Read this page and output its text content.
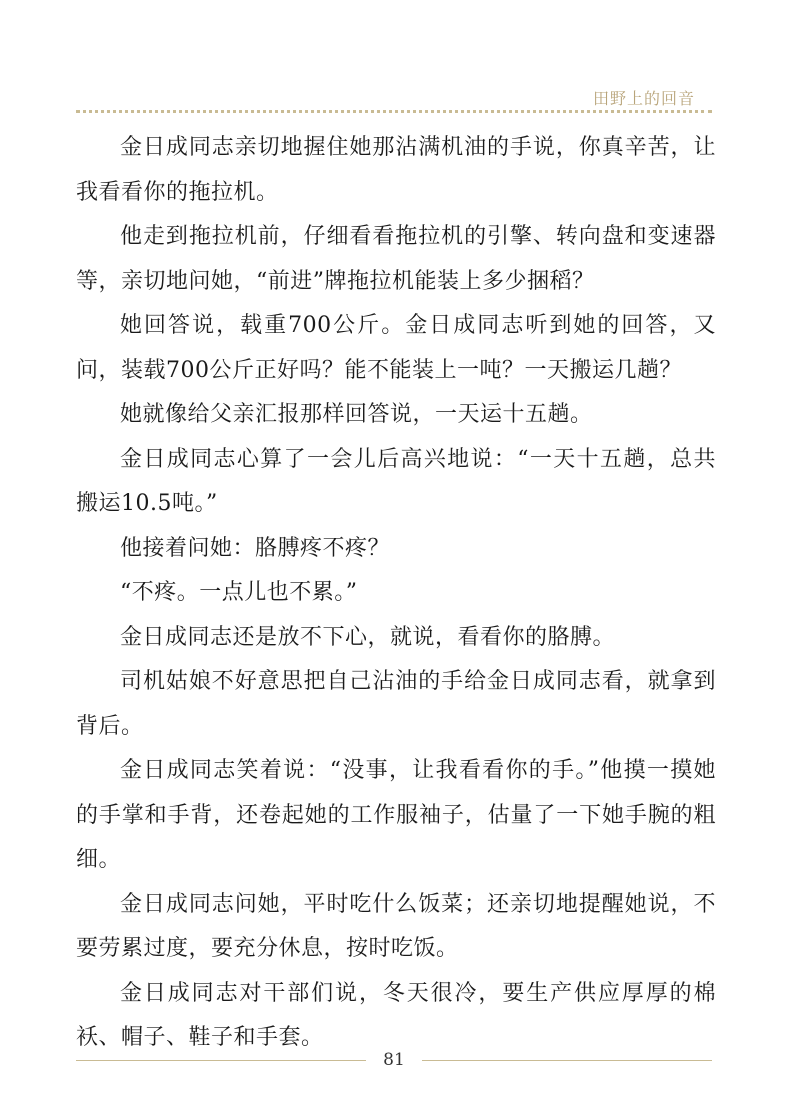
田野上的回音

金日成同志亲切地握住她那沾满机油的手说，你真辛苦，让我看看你的拖拉机。

他走到拖拉机前，仔细看看拖拉机的引擎、转向盘和变速器等，亲切地问她，“前进”牌拖拉机能装上多少捆稻？

她回答说，载重700公斤。金日成同志听到她的回答，又问，装载700公斤正好吗？能不能装上一吨？一天搬运几趟？

她就像给父亲汇报那样回答说，一天运十五趟。

金日成同志心算了一会儿后高兴地说：“一天十五趟，总共搬运10.5吨。”

他接着问她：胳膊疼不疼？

“不疼。一点儿也不累。”

金日成同志还是放不下心，就说，看看你的胳膊。

司机姑娘不好意思把自己沾油的手给金日成同志看，就拿到背后。

金日成同志笑着说：“没事，让我看看你的手。”他摸一摸她的手掌和手背，还卷起她的工作服袖子，估量了一下她手腕的粗细。

金日成同志问她，平时吃什么饭菜；还亲切地提醒她说，不要劳累过度，要充分休息，按时吃饭。

金日成同志对干部们说，冬天很冷，要生产供应厚厚的棉袄、帽子、鞋子和手套。

81
